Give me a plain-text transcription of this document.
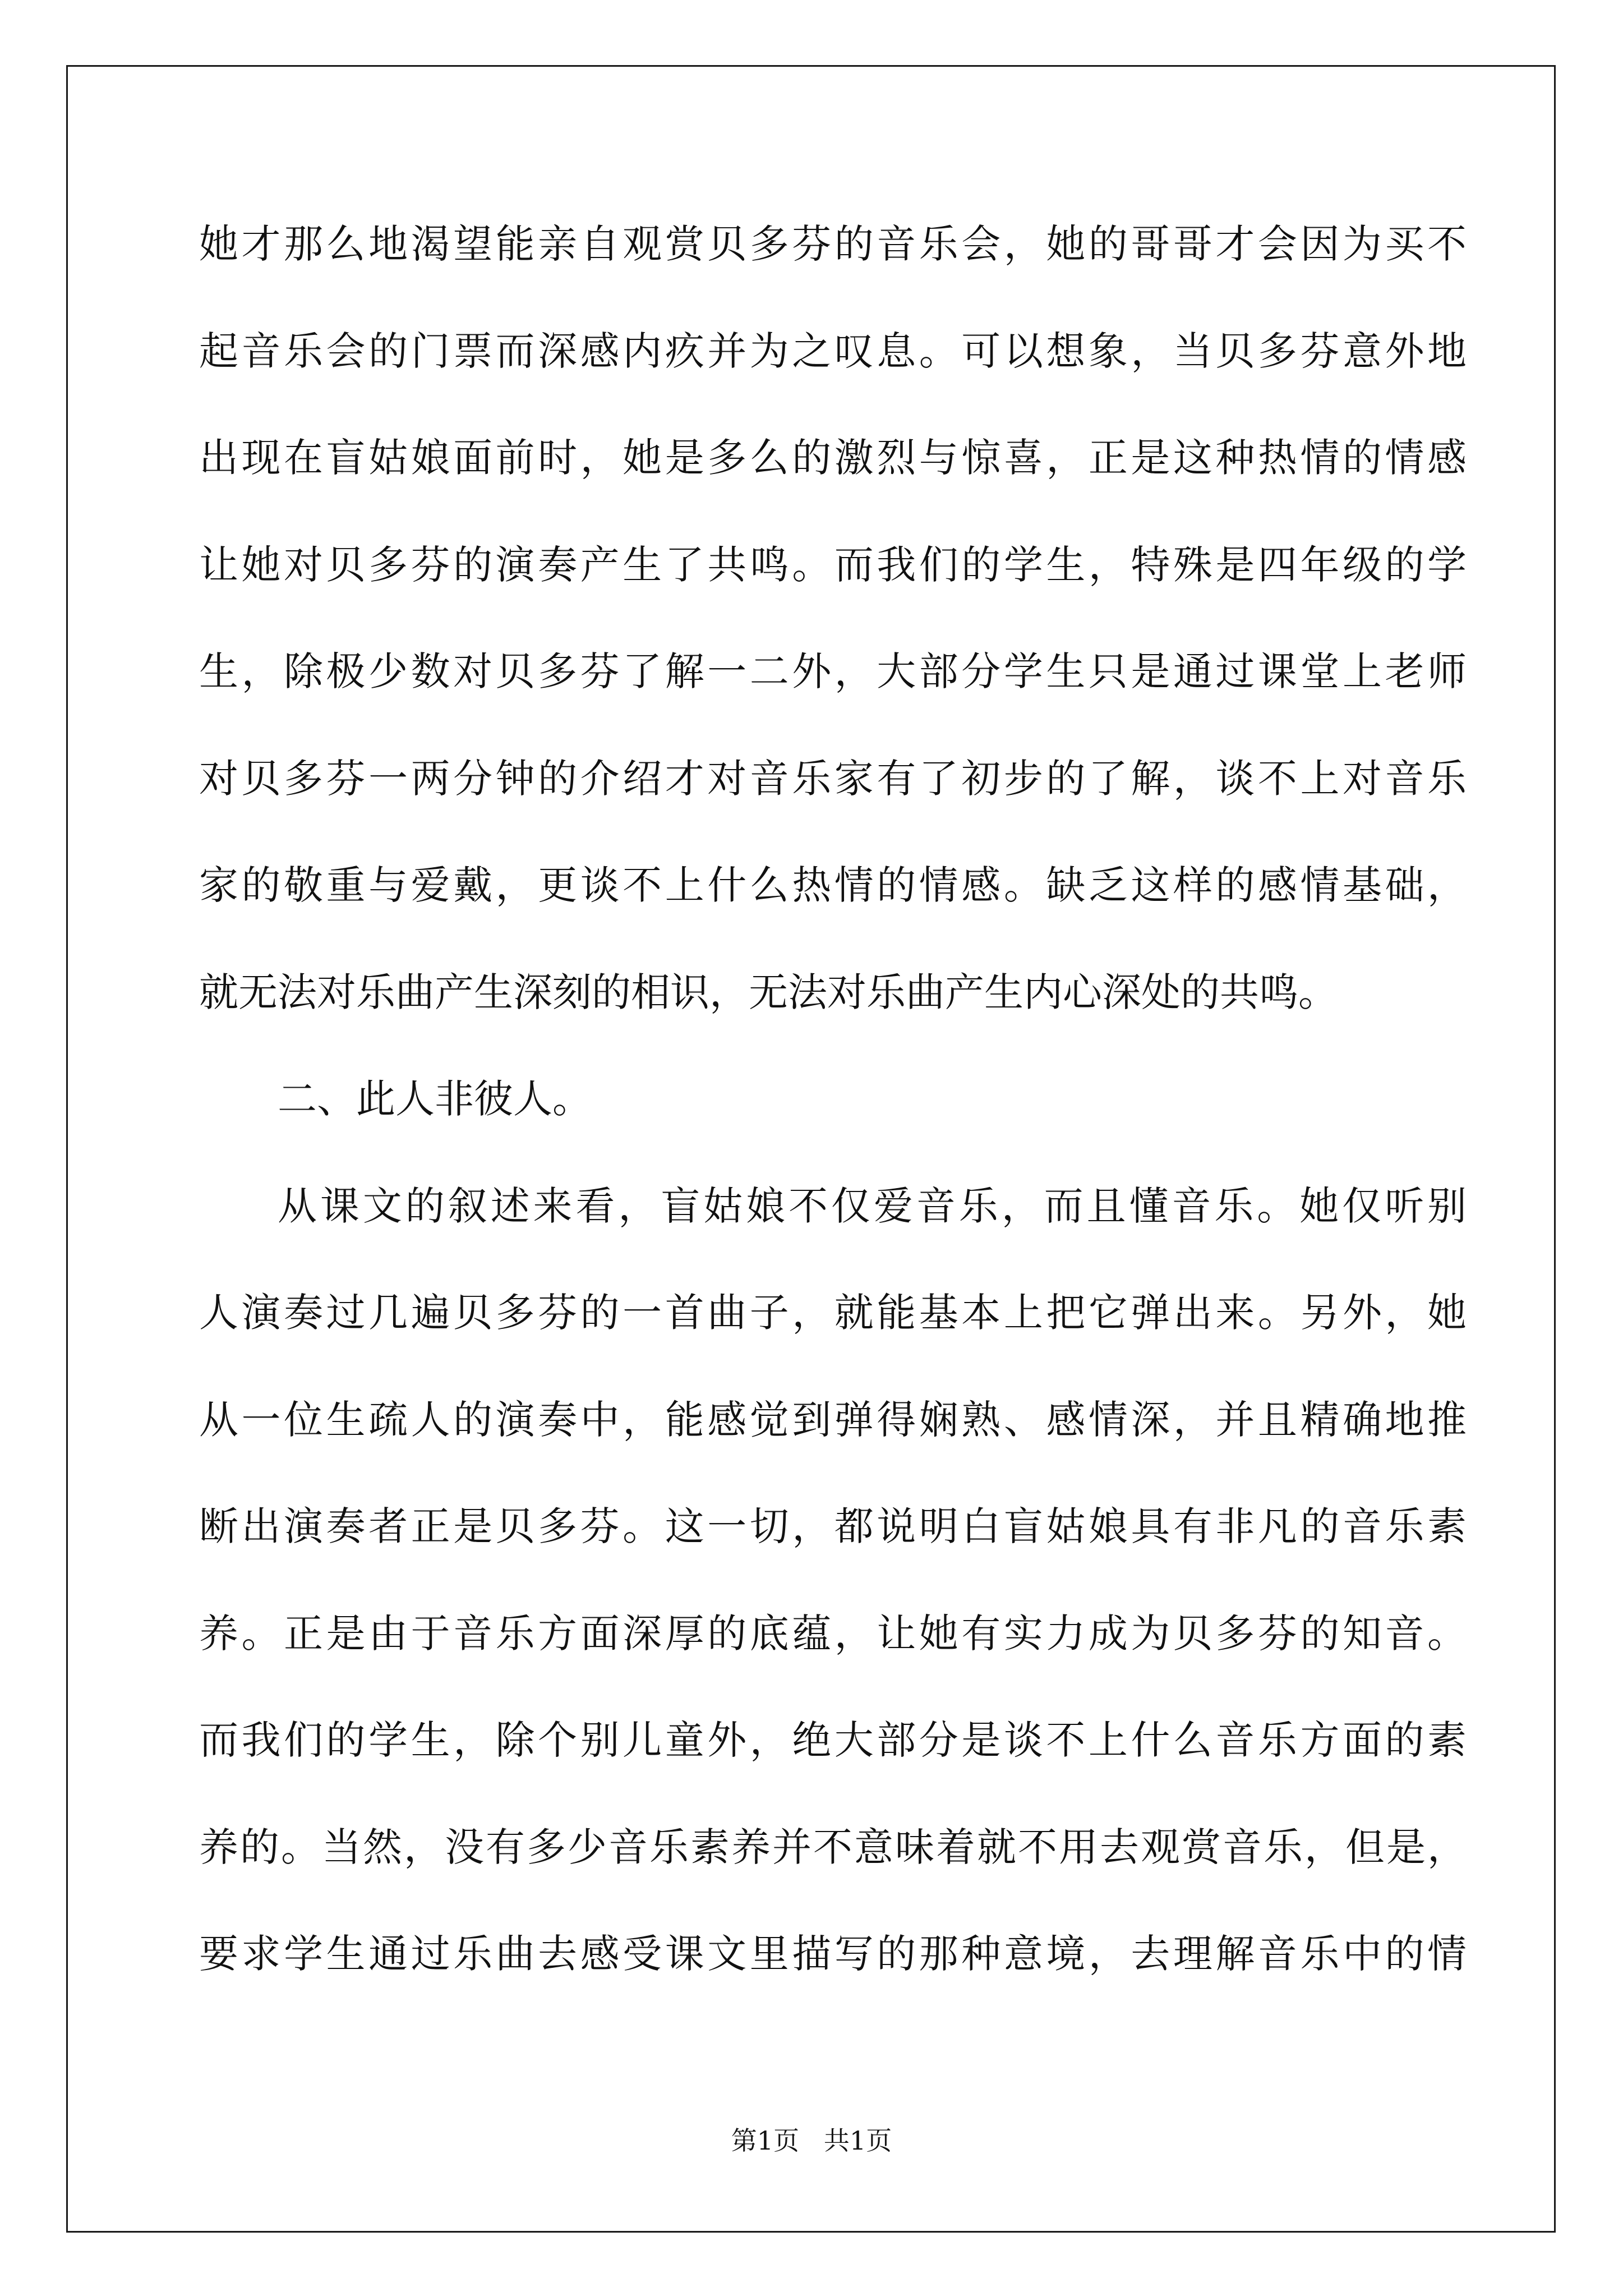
她才那么地渴望能亲自观赏贝多芬的音乐会，她的哥哥才会因为买不
起音乐会的门票而深感内疚并为之叹息。可以想象，当贝多芬意外地
出现在盲姑娘面前时，她是多么的激烈与惊喜，正是这种热情的情感
让她对贝多芬的演奏产生了共鸣。而我们的学生，特殊是四年级的学
生，除极少数对贝多芬了解一二外，大部分学生只是通过课堂上老师
对贝多芬一两分钟的介绍才对音乐家有了初步的了解，谈不上对音乐
家的敬重与爱戴，更谈不上什么热情的情感。缺乏这样的感情基础，
就无法对乐曲产生深刻的相识，无法对乐曲产生内心深处的共鸣。
二、此人非彼人。
从课文的叙述来看，盲姑娘不仅爱音乐，而且懂音乐。她仅听别
人演奏过几遍贝多芬的一首曲子，就能基本上把它弹出来。另外，她
从一位生疏人的演奏中，能感觉到弹得娴熟、感情深，并且精确地推
断出演奏者正是贝多芬。这一切，都说明白盲姑娘具有非凡的音乐素
养。正是由于音乐方面深厚的底蕴，让她有实力成为贝多芬的知音。
而我们的学生，除个别儿童外，绝大部分是谈不上什么音乐方面的素
养的。当然，没有多少音乐素养并不意味着就不用去观赏音乐，但是，
要求学生通过乐曲去感受课文里描写的那种意境，去理解音乐中的情
第1页   共1页
